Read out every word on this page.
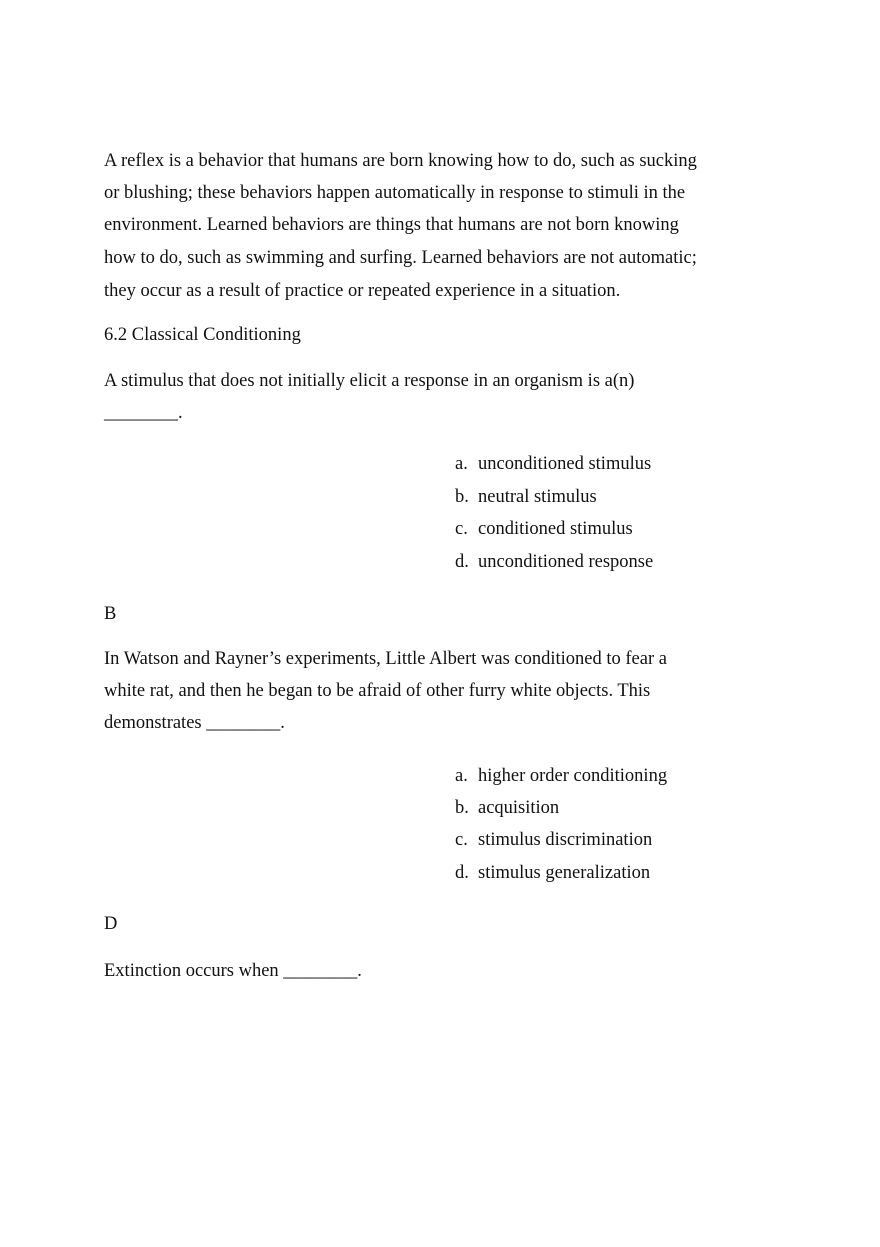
A reflex is a behavior that humans are born knowing how to do, such as sucking
or blushing; these behaviors happen automatically in response to stimuli in the
environment. Learned behaviors are things that humans are not born knowing
how to do, such as swimming and surfing. Learned behaviors are not automatic;
they occur as a result of practice or repeated experience in a situation.
6.2 Classical Conditioning
A stimulus that does not initially elicit a response in an organism is a(n)
________.
a. unconditioned stimulus
b. neutral stimulus
c. conditioned stimulus
d. unconditioned response
B
In Watson and Rayner’s experiments, Little Albert was conditioned to fear a
white rat, and then he began to be afraid of other furry white objects. This
demonstrates ________.
a. higher order conditioning
b. acquisition
c. stimulus discrimination
d. stimulus generalization
D
Extinction occurs when ________.
